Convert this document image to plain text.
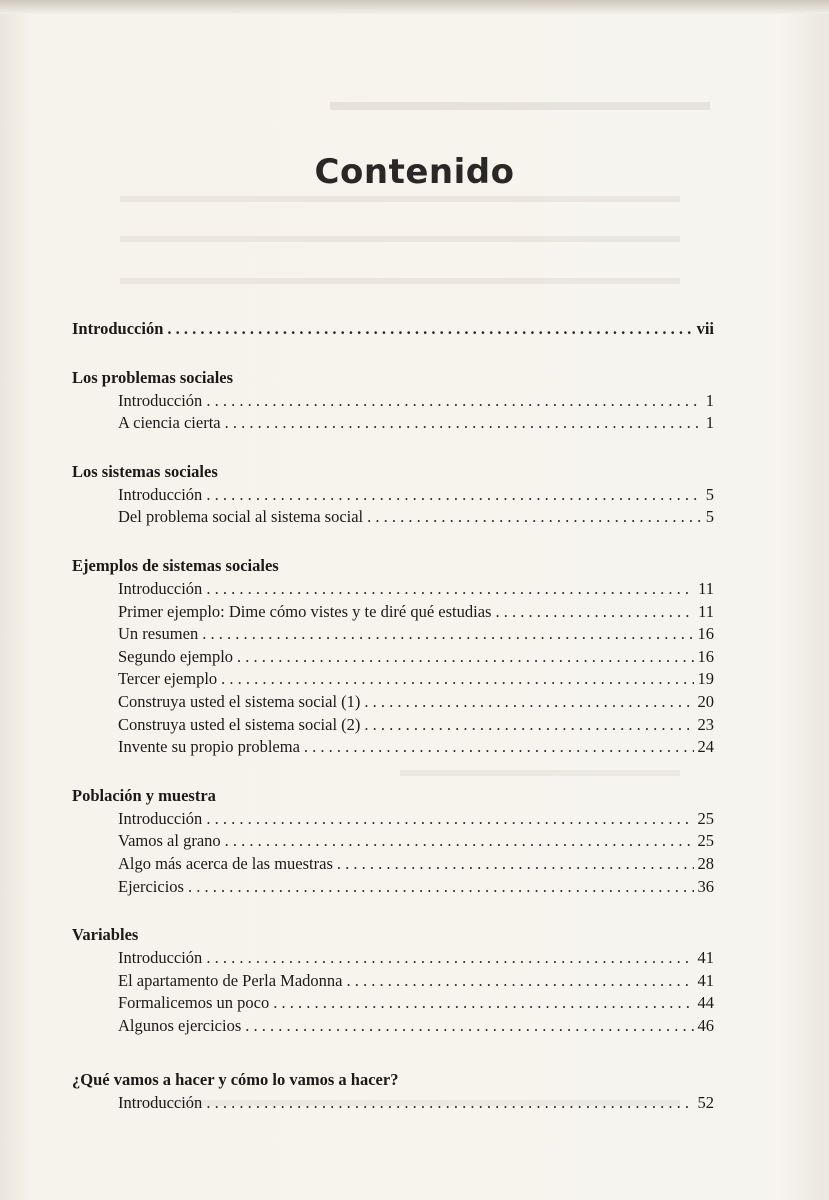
Contenido
Introducción . . .	vii
Los problemas sociales
Introducción . . .	1
A ciencia cierta . . .	1
Los sistemas sociales
Introducción . . .	5
Del problema social al sistema social . . .	5
Ejemplos de sistemas sociales
Introducción . . .	11
Primer ejemplo: Dime cómo vistes y te diré qué estudias . . .	11
Un resumen . . .	16
Segundo ejemplo . . .	16
Tercer ejemplo . . .	19
Construya usted el sistema social (1) . . .	20
Construya usted el sistema social (2) . . .	23
Invente su propio problema . . .	24
Población y muestra
Introducción . . .	25
Vamos al grano . . .	25
Algo más acerca de las muestras . . .	28
Ejercicios . . .	36
Variables
Introducción . . .	41
El apartamento de Perla Madonna . . .	41
Formalicemos un poco . . .	44
Algunos ejercicios . . .	46
¿Qué vamos a hacer y cómo lo vamos a hacer?
Introducción . . .	52
